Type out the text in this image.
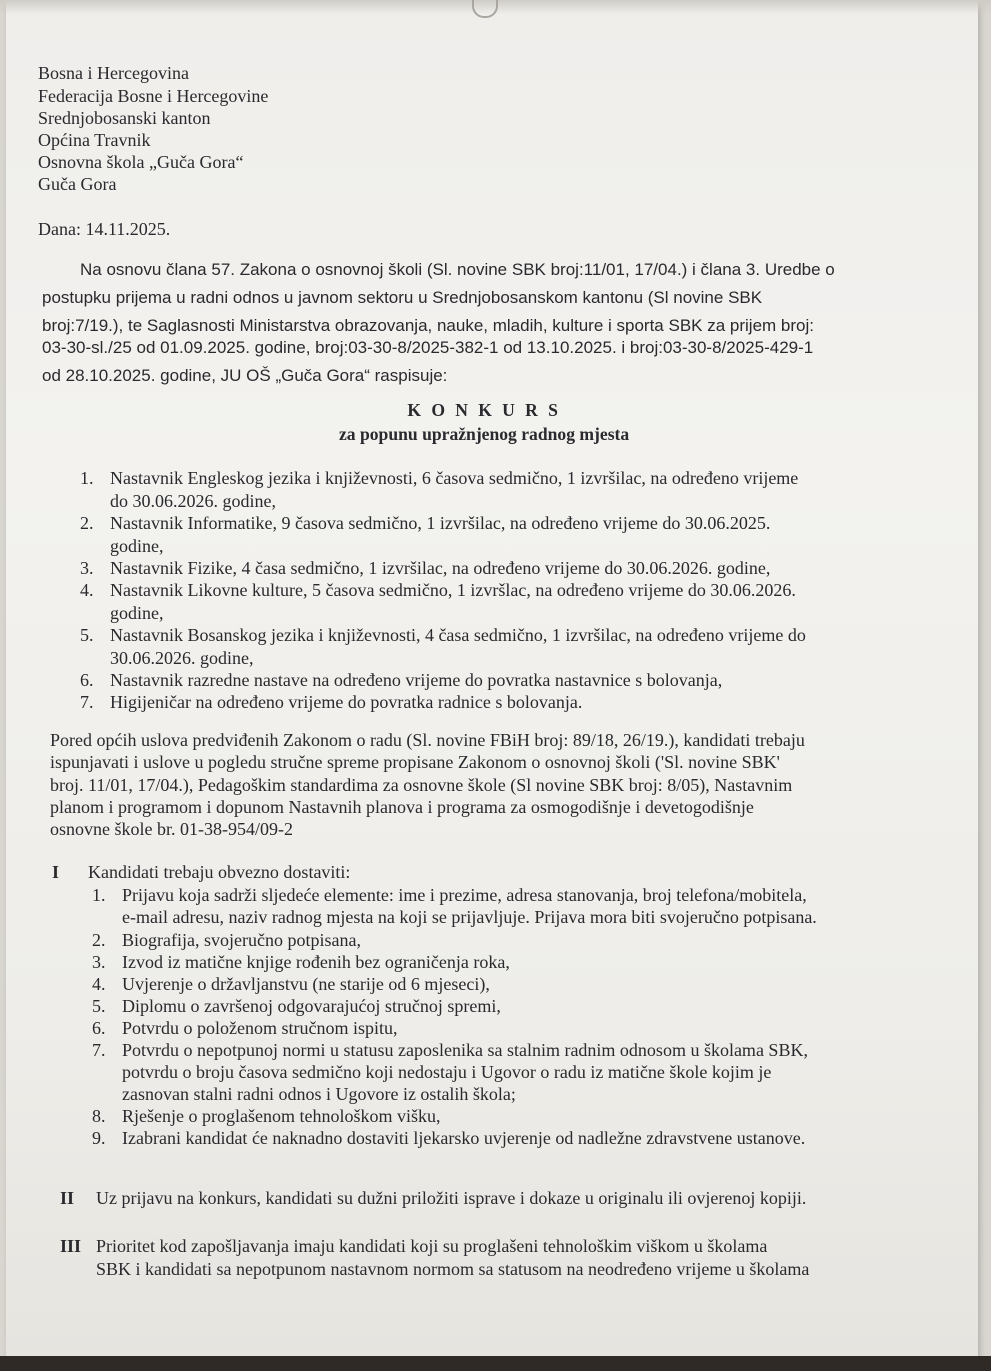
Bosna i Hercegovina
Federacija Bosne i Hercegovine
Srednjobosanski kanton
Općina Travnik
Osnovna škola „Guča Gora“
Guča Gora
Dana: 14.11.2025.
Na osnovu člana 57. Zakona o osnovnoj školi (Sl. novine SBK broj:11/01, 17/04.) i člana 3. Uredbe o
postupku prijema u radni odnos u javnom sektoru u Srednjobosanskom kantonu (Sl novine SBK
broj:7/19.), te Saglasnosti Ministarstva obrazovanja, nauke, mladih, kulture i sporta SBK za prijem broj:
03-30-sl./25 od 01.09.2025. godine, broj:03-30-8/2025-382-1 od 13.10.2025. i broj:03-30-8/2025-429-1
od 28.10.2025. godine, JU OŠ „Guča Gora“ raspisuje:
K O N K U R S
za popunu upražnjenog radnog mjesta
1. Nastavnik Engleskog jezika i književnosti, 6 časova sedmično, 1 izvršilac, na određeno vrijeme
do 30.06.2026. godine,
2. Nastavnik Informatike, 9 časova sedmično, 1 izvršilac, na određeno vrijeme do 30.06.2025.
godine,
3. Nastavnik Fizike, 4 časa sedmično, 1 izvršilac, na određeno vrijeme do 30.06.2026. godine,
4. Nastavnik Likovne kulture, 5 časova sedmično, 1 izvršlac, na određeno vrijeme do 30.06.2026.
godine,
5. Nastavnik Bosanskog jezika i književnosti, 4 časa sedmično, 1 izvršilac, na određeno vrijeme do
30.06.2026. godine,
6. Nastavnik razredne nastave na određeno vrijeme do povratka nastavnice s bolovanja,
7. Higijeničar na određeno vrijeme do povratka radnice s bolovanja.
Pored općih uslova predviđenih Zakonom o radu (Sl. novine FBiH broj: 89/18, 26/19.), kandidati trebaju
ispunjavati i uslove u pogledu stručne spreme propisane Zakonom o osnovnoj školi ('Sl. novine SBK'
broj. 11/01, 17/04.), Pedagoškim standardima za osnovne škole (Sl novine SBK broj: 8/05), Nastavnim
planom i programom i dopunom Nastavnih planova i programa za osmogodišnje i devetogodišnje
osnovne škole br. 01-38-954/09-2
I Kandidati trebaju obvezno dostaviti:
1. Prijavu koja sadrži sljedeće elemente: ime i prezime, adresa stanovanja, broj telefona/mobitela,
e-mail adresu, naziv radnog mjesta na koji se prijavljuje. Prijava mora biti svojeručno potpisana.
2. Biografija, svojeručno potpisana,
3. Izvod iz matične knjige rođenih bez ograničenja roka,
4. Uvjerenje o državljanstvu (ne starije od 6 mjeseci),
5. Diplomu o završenoj odgovarajućoj stručnoj spremi,
6. Potvrdu o položenom stručnom ispitu,
7. Potvrdu o nepotpunoj normi u statusu zaposlenika sa stalnim radnim odnosom u školama SBK,
potvrdu o broju časova sedmično koji nedostaju i Ugovor o radu iz matične škole kojim je
zasnovan stalni radni odnos i Ugovore iz ostalih škola;
8. Rješenje o proglašenom tehnološkom višku,
9. Izabrani kandidat će naknadno dostaviti ljekarsko uvjerenje od nadležne zdravstvene ustanove.
II Uz prijavu na konkurs, kandidati su dužni priložiti isprave i dokaze u originalu ili ovjerenoj kopiji.
III Prioritet kod zapošljavanja imaju kandidati koji su proglašeni tehnološkim viškom u školama
SBK i kandidati sa nepotpunom nastavnom normom sa statusom na neodređeno vrijeme u školama
